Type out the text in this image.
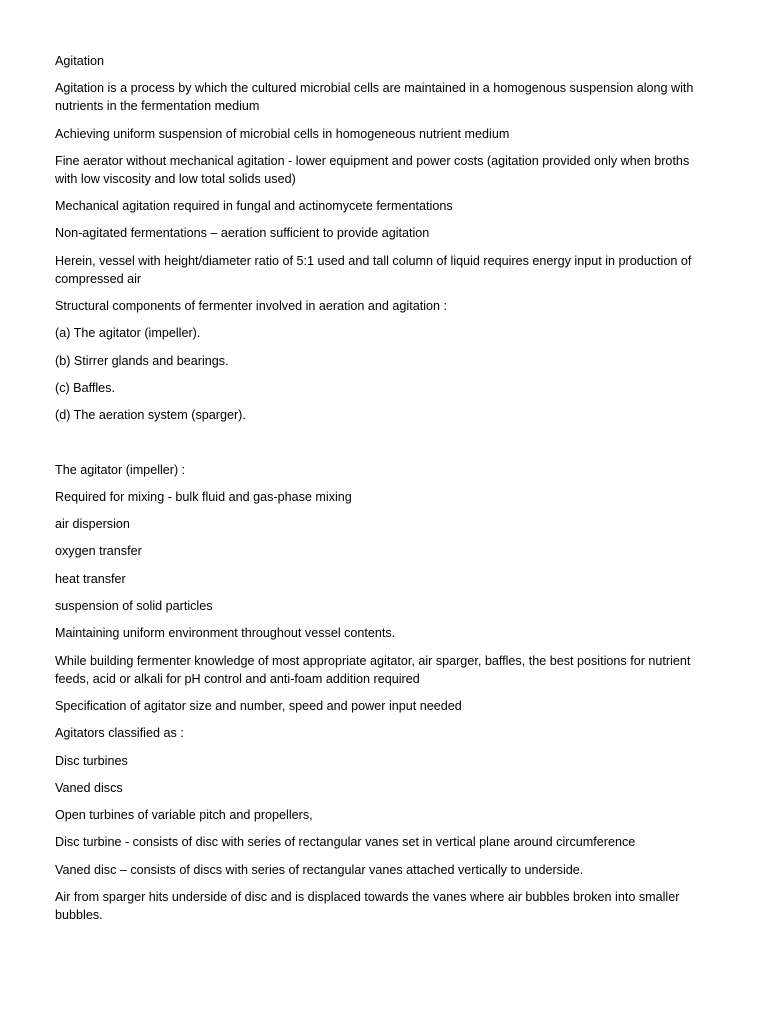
Agitation

Agitation is a process by which the cultured microbial cells are maintained in a homogenous suspension along with nutrients in the fermentation medium

Achieving uniform suspension of microbial cells in homogeneous nutrient medium

Fine aerator without mechanical agitation - lower equipment and power costs (agitation provided only when broths with low viscosity and low total solids used)

Mechanical agitation required in fungal and actinomycete fermentations

Non-agitated fermentations – aeration sufficient to provide agitation

Herein, vessel with height/diameter ratio of 5:1 used and tall column of liquid requires energy input in production of compressed air

Structural components of fermenter involved in aeration and agitation :

(a) The agitator (impeller).

(b) Stirrer glands and bearings.

(c) Baffles.

(d) The aeration system (sparger).

The agitator (impeller) :

Required for mixing - bulk fluid and gas-phase mixing

air dispersion

oxygen transfer

heat transfer

suspension of solid particles

Maintaining uniform environment throughout vessel contents.

While building fermenter knowledge of most appropriate agitator, air sparger, baffles, the best positions for nutrient feeds, acid or alkali for pH control and anti-foam addition required

Specification of agitator size and number, speed and power input needed

Agitators classified as :

Disc turbines

Vaned discs

Open turbines of variable pitch and propellers,

Disc turbine - consists of disc with series of rectangular vanes set in vertical plane around circumference

Vaned disc – consists of discs with series of rectangular vanes attached vertically to underside.

Air from sparger hits underside of disc and is displaced towards the vanes where air bubbles broken into smaller bubbles.
